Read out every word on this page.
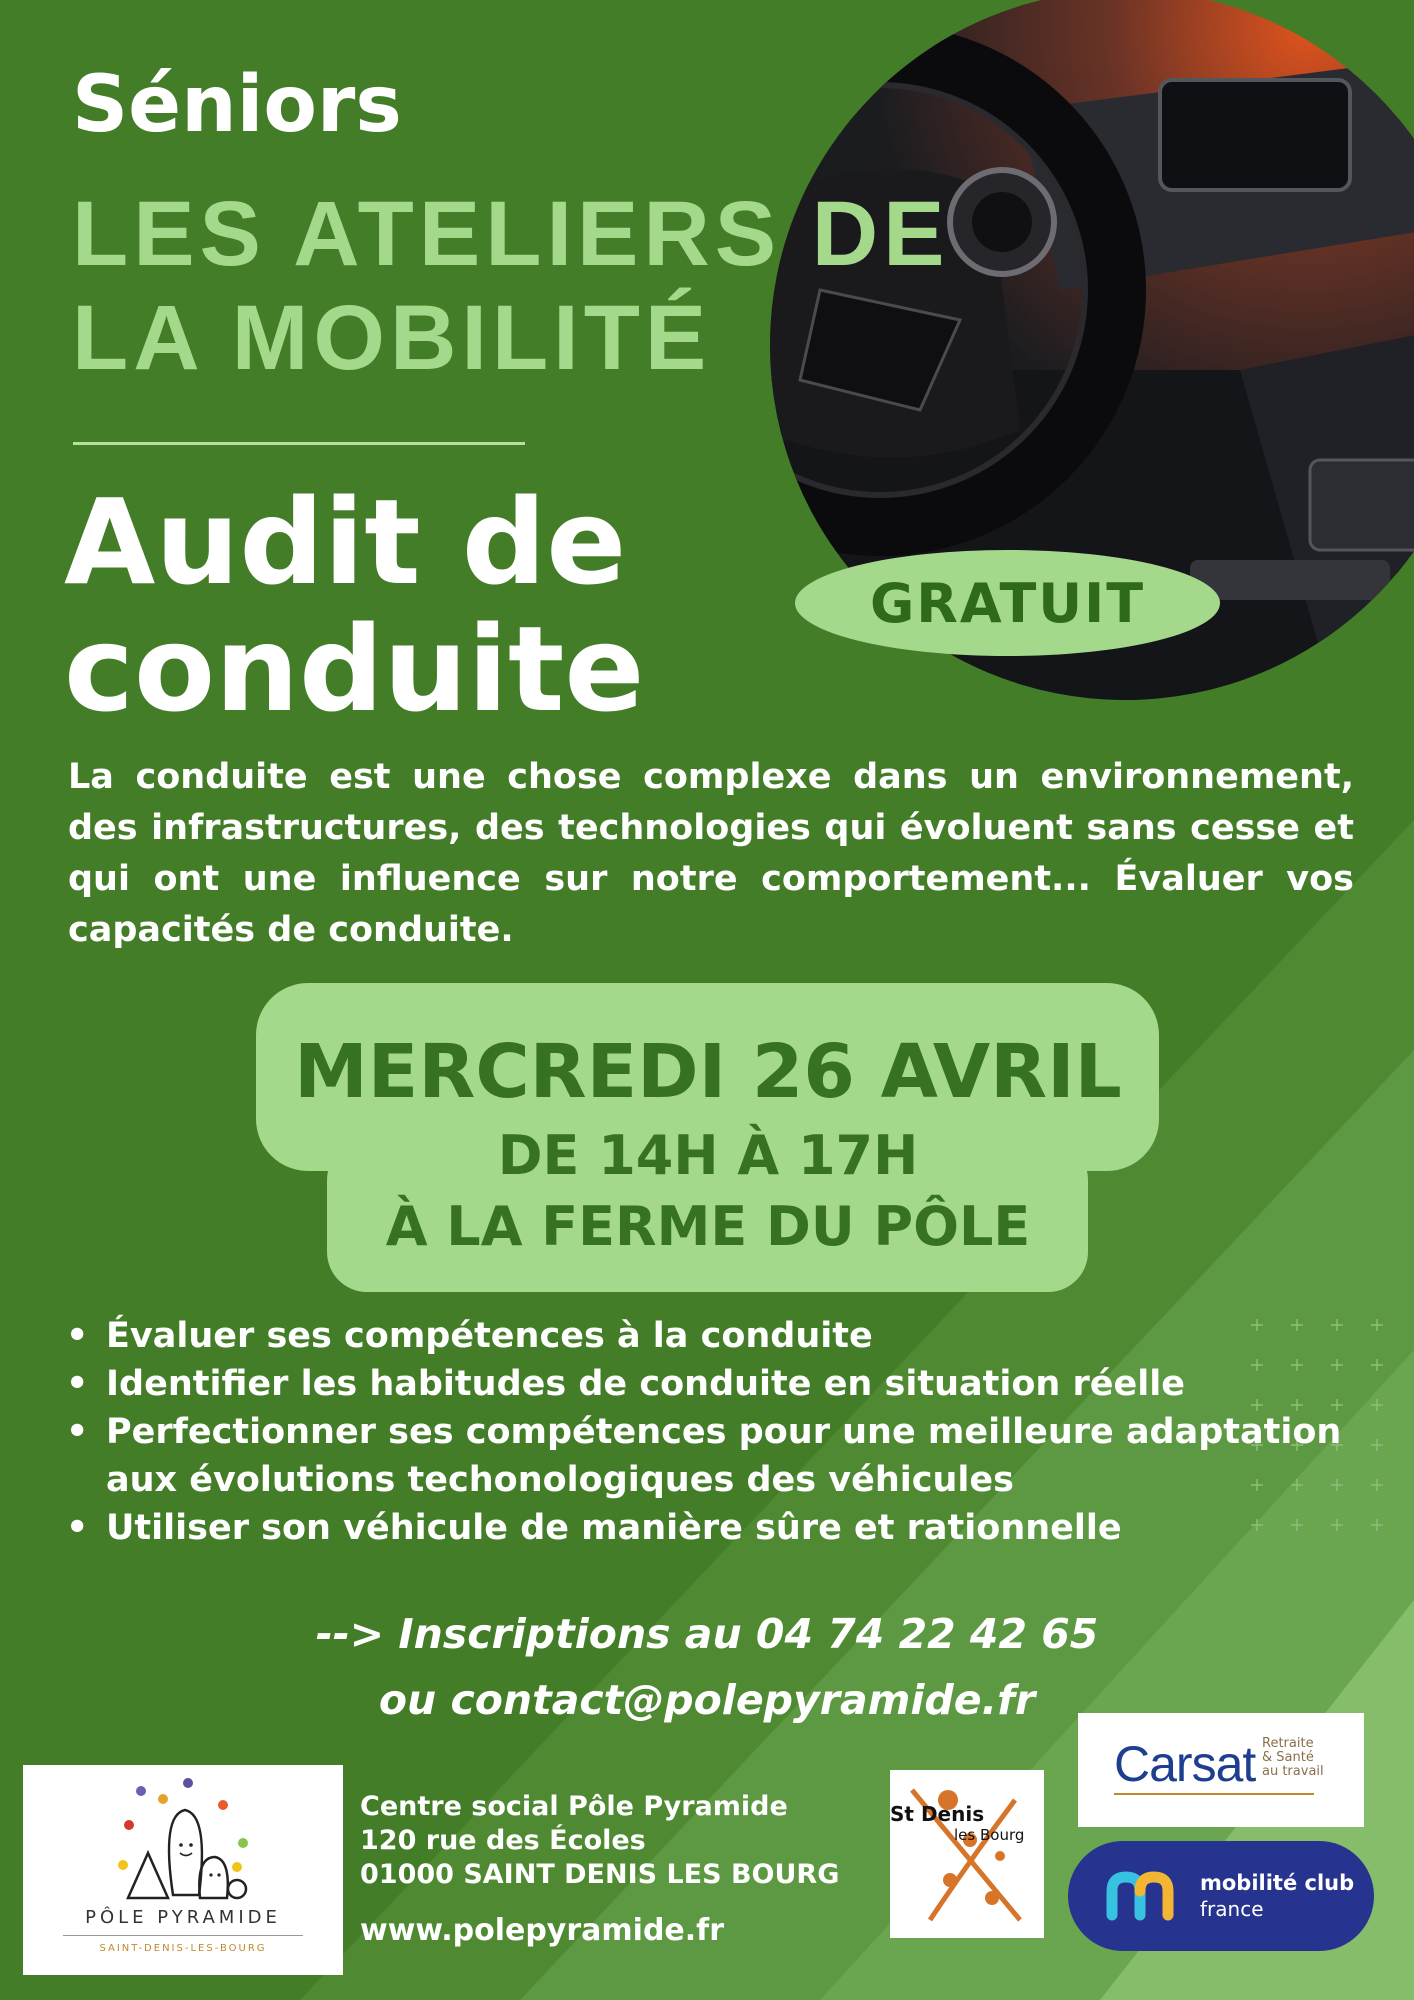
Séniors
LES ATELIERS DE
LA MOBILITÉ
Audit de
conduite	GRATUIT
La conduite est une chose complexe dans un environnement, des infrastructures, des technologies qui évoluent sans cesse et qui ont une influence sur notre comportement... Évaluer vos capacités de conduite.
MERCREDI 26 AVRIL
DE 14H À 17H
À LA FERME DU PÔLE
• Évaluer ses compétences à la conduite
• Identifier les habitudes de conduite en situation réelle
• Perfectionner ses compétences pour une meilleure adaptation aux évolutions techonologiques des véhicules
• Utiliser son véhicule de manière sûre et rationnelle
--> Inscriptions au 04 74 22 42 65
ou contact@polepyramide.fr
PÔLE PYRAMIDE
SAINT-DENIS-LES-BOURG
Centre social Pôle Pyramide
120 rue des Écoles
01000 SAINT DENIS LES BOURG
www.polepyramide.fr
St Denis
les Bourg
Carsat Retraite
& Santé
au travail
mobilité club
france
